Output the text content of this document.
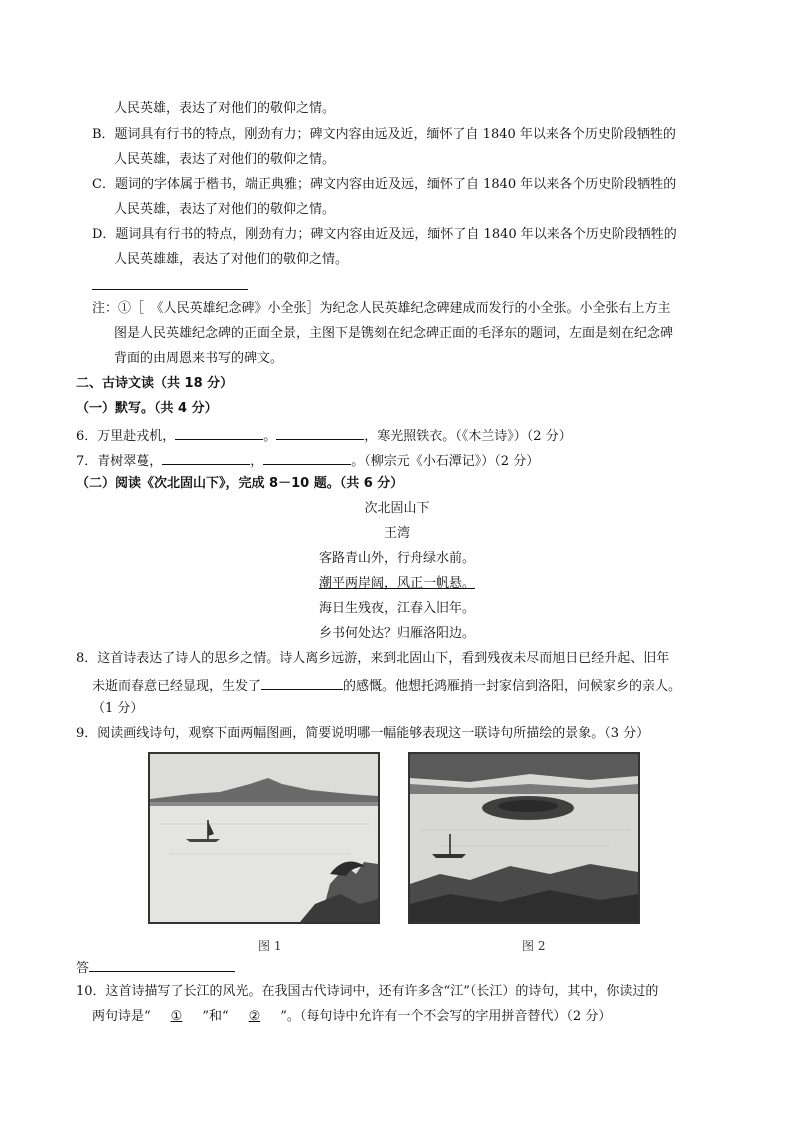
人民英雄，表达了对他们的敬仰之情。
B．题词具有行书的特点，刚劲有力；碑文内容由远及近，缅怀了自 1840 年以来各个历史阶段牺牲的
人民英雄，表达了对他们的敬仰之情。
C．题词的字体属于楷书，端正典雅；碑文内容由近及远，缅怀了自 1840 年以来各个历史阶段牺牲的
人民英雄，表达了对他们的敬仰之情。
D．题词具有行书的特点，刚劲有力；碑文内容由近及远，缅怀了自 1840 年以来各个历史阶段牺牲的
人民英雄雄，表达了对他们的敬仰之情。
注：①［　《人民英雄纪念碑》小全张］为纪念人民英雄纪念碑建成而发行的小全张。小全张右上方主
图是人民英雄纪念碑的正面全景，主图下是镌刻在纪念碑正面的毛泽东的题词，左面是刻在纪念碑
背面的由周恩来书写的碑文。
二、古诗文读（共 18 分）
（一）默写。（共 4 分）
6．万里赴戎机，	。	，寒光照铁衣。（《木兰诗》）（2 分）
7．青树翠蔓，	，	。（柳宗元《小石潭记》）（2 分）
（二）阅读《次北固山下》，完成 8－10 题。（共 6 分）
次北固山下
王湾
客路青山外，行舟绿水前。
潮平两岸阔，风正一帆悬。
海日生残夜，江春入旧年。
乡书何处达？归雁洛阳边。
8．这首诗表达了诗人的思乡之情。诗人离乡远游，来到北固山下，看到残夜未尽而旭日已经升起、旧年
未逝而春意已经显现，生发了	的感慨。他想托鸿雁捎一封家信到洛阳，问候家乡的亲人。
（1 分）
9．阅读画线诗句，观察下面两幅图画，简要说明哪一幅能够表现这一联诗句所描绘的景象。（3 分）
图 1	图 2
答
10．这首诗描写了长江的风光。在我国古代诗词中，还有许多含“江”（长江）的诗句，其中，你读过的
两句诗是“ ① ”和“ ② ”。（每句诗中允许有一个不会写的字用拼音替代）（2 分）
